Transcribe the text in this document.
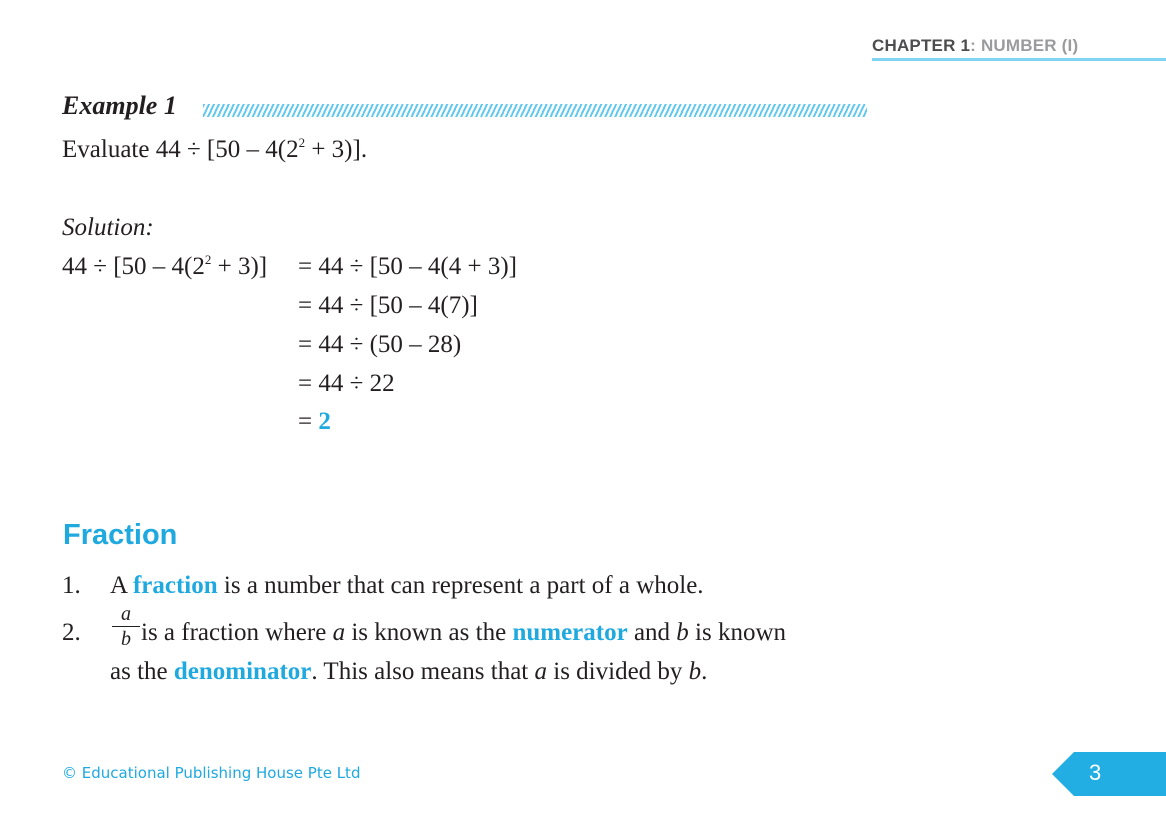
CHAPTER 1: NUMBER (I)
Example 1
Evaluate $44 \div [50 - 4(2^2 + 3)]$.
Solution:
$44 \div [50 - 4(2^2 + 3)] = 44 \div [50 - 4(4 + 3)]$
= 44 ÷ [50 – 4(7)]
= 44 ÷ (50 – 28)
= 44 ÷ 22
= 2
Fraction
1. A fraction is a number that can represent a part of a whole.
2.
a
b is a fraction where a is known as the numerator and b is known
as the denominator. This also means that a is divided by b.
© Educational Publishing House Pte Ltd	3
